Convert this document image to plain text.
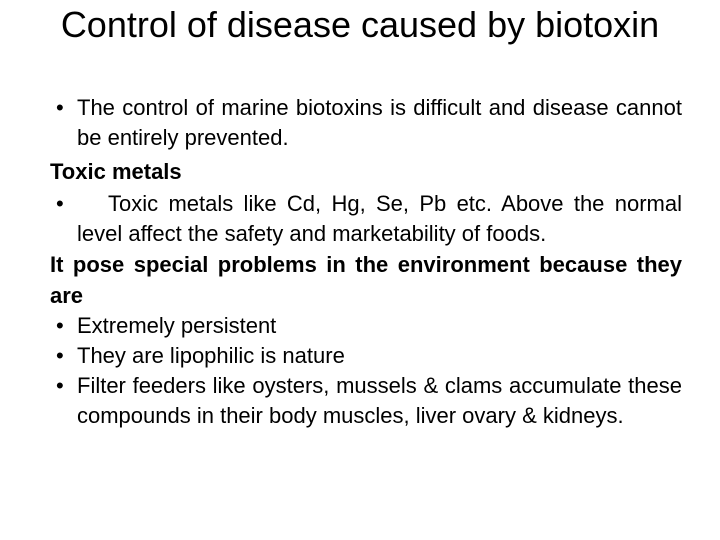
Control of disease caused by biotoxin
• The control of marine biotoxins is difficult and disease cannot be entirely prevented.
Toxic metals
•	Toxic metals like Cd, Hg, Se, Pb etc. Above the normal level affect the safety and marketability of foods.
It pose special problems in the environment because they are
• Extremely persistent
• They are lipophilic is nature
• Filter feeders like oysters, mussels & clams accumulate these compounds in their body muscles, liver ovary & kidneys.
